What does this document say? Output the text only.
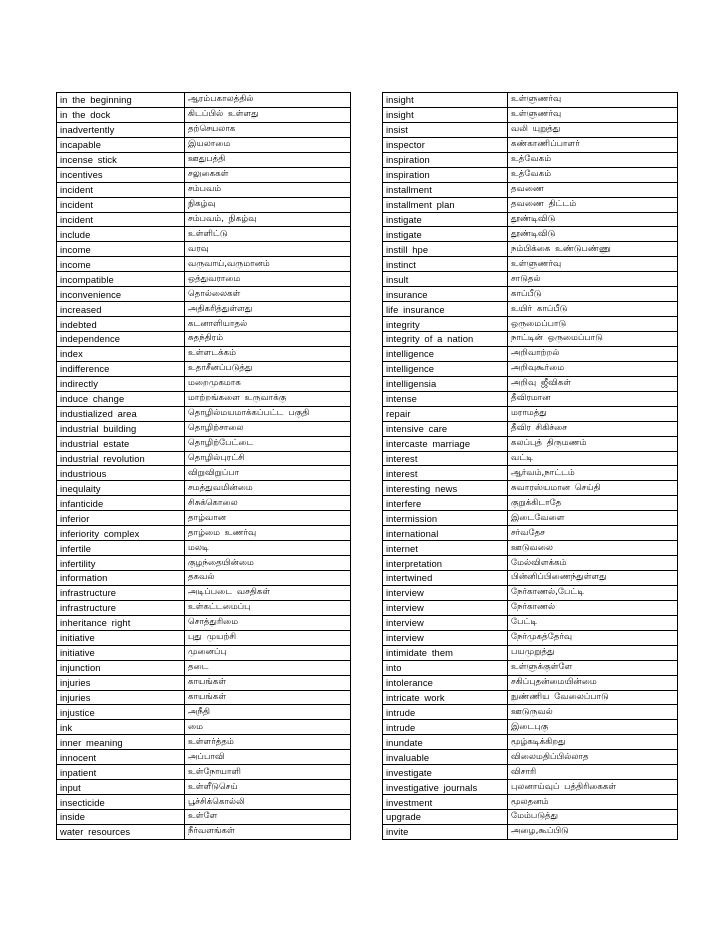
in the beginning	ஆரம்பகாலத்தில்
in the dock	கிடப்பில் உள்ளது
inadvertently	தற்செயலாக
incapable	இயலாமை
incense stick	ஊதுபத்தி
incentives	சலுகைகள்
incident	சம்பவம்
incident	நிகழ்வு
incident	சம்பவம், நிகழ்வு
include	உள்ளிட்டு
income	வரவு
income	வருவாய்,வருமானம்
incompatible	ஒத்துவராமை
inconvenience	தொல்லைகள்
increased	அதிகரித்துள்ளது
indebted	கடனாளியாதல்
independence	சுதந்திரம்
index	உள்ளடக்கம்
indifference	உதாசீனப்படுத்து
indirectly	மறைமுகமாக
induce change	மாற்றங்களை உருவாக்கு
industialized area	தொழில்மயமாக்கப்பட்ட பகுதி
industrial building	தொழிற்சாலை
industrial estate	தொழிற்பேட்டை
industrial revolution	தொழில்புரட்சி
industrious	விறுவிறுப்பா
inequlaity	சமத்துவமின்மை
infanticide	சிசுக்கொலை
inferior	தாழ்வான
inferiority complex	தாழ்மை உணர்வு
infertile	மலடி
infertility	குழந்தையின்மை
information	தகவல்
infrastructure	அடிப்படை வசதிகள்
infrastructure	உள்கட்டமைப்பு
inheritance right	சொத்துரிமை
initiative	புது முயற்சி
initiative	முனைப்பு
injunction	தடை
injuries	காயங்கள்
injuries	காயங்கள்
injustice	அநீதி
ink	மை
inner meaning	உள்ளர்த்தம்
innocent	அப்பாவி
inpatient	உள்நோயாளி
input	உள்ளீடுசெய்
insecticide	பூச்சிக்கொல்லி
inside	உள்ளே
water resources	நீர்வளங்கள்
insight	உள்ளுணர்வு
insight	உள்ளுணர்வு
insist	வலி யுறுத்து
inspector	கண்காணிப்பாளர்
inspiration	உத்வேகம்
inspiration	உத்வேகம்
installment	தவணை
installment plan	தவணை திட்டம்
instigate	தூண்டிவிடு
instigate	தூண்டிவிடு
instill hpe	நம்பிக்கை உண்டுபண்ணு
instinct	உள்ளுணர்வு
insult	சாடுதல்
insurance	காப்பீடு
life insurance	உயிர் காப்பீடு
integrity	ஒருமைப்பாடு
integrity of a nation	நாட்டின் ஒருமைப்பாடு
intelligence	அறிவாற்றல்
intelligence	அறிவுகூர்மை
intelligensia	அறிவு ஜீவிகள்
intense	தீவிரமான
repair	மராமத்து
intensive care	தீவிர சிகிச்சை
intercaste marriage	கலப்புத் திருமணம்
interest	வட்டி
interest	ஆர்வம்,நாட்டம்
interesting news	சுவாரஸ்யமான செய்தி
interfere	குறுக்கிடாதே
intermission	இடைவேளை
international	சர்வதேச
internet	ஊடுவலை
interpretation	மேல்விளக்கம்
intertwined	பின்னிப்பிணைந்துள்ளது
interview	நேர்காணல்,பேட்டி
interview	நேர்காணல்
interview	பேட்டி
interview	நேர்முகத்தேர்வு
intimidate them	பயமுறுத்து
into	உள்ளுக்குள்ளே
intolerance	சகிப்புதன்மையின்மை
intricate work	நுண்ணிய வேலைப்பாடு
intrude	ஊடுருவல்
intrude	இடைபுகு
inundate	மூழ்கடிக்கிறது
invaluable	விலைமதிப்பில்லாத
investigate	விசாரி
investigative journals	புலனாய்வுப் பத்திரிகைகள்
investment	மூலதனம்
upgrade	மேம்படுத்து
invite	அழை,கூப்பிடு
